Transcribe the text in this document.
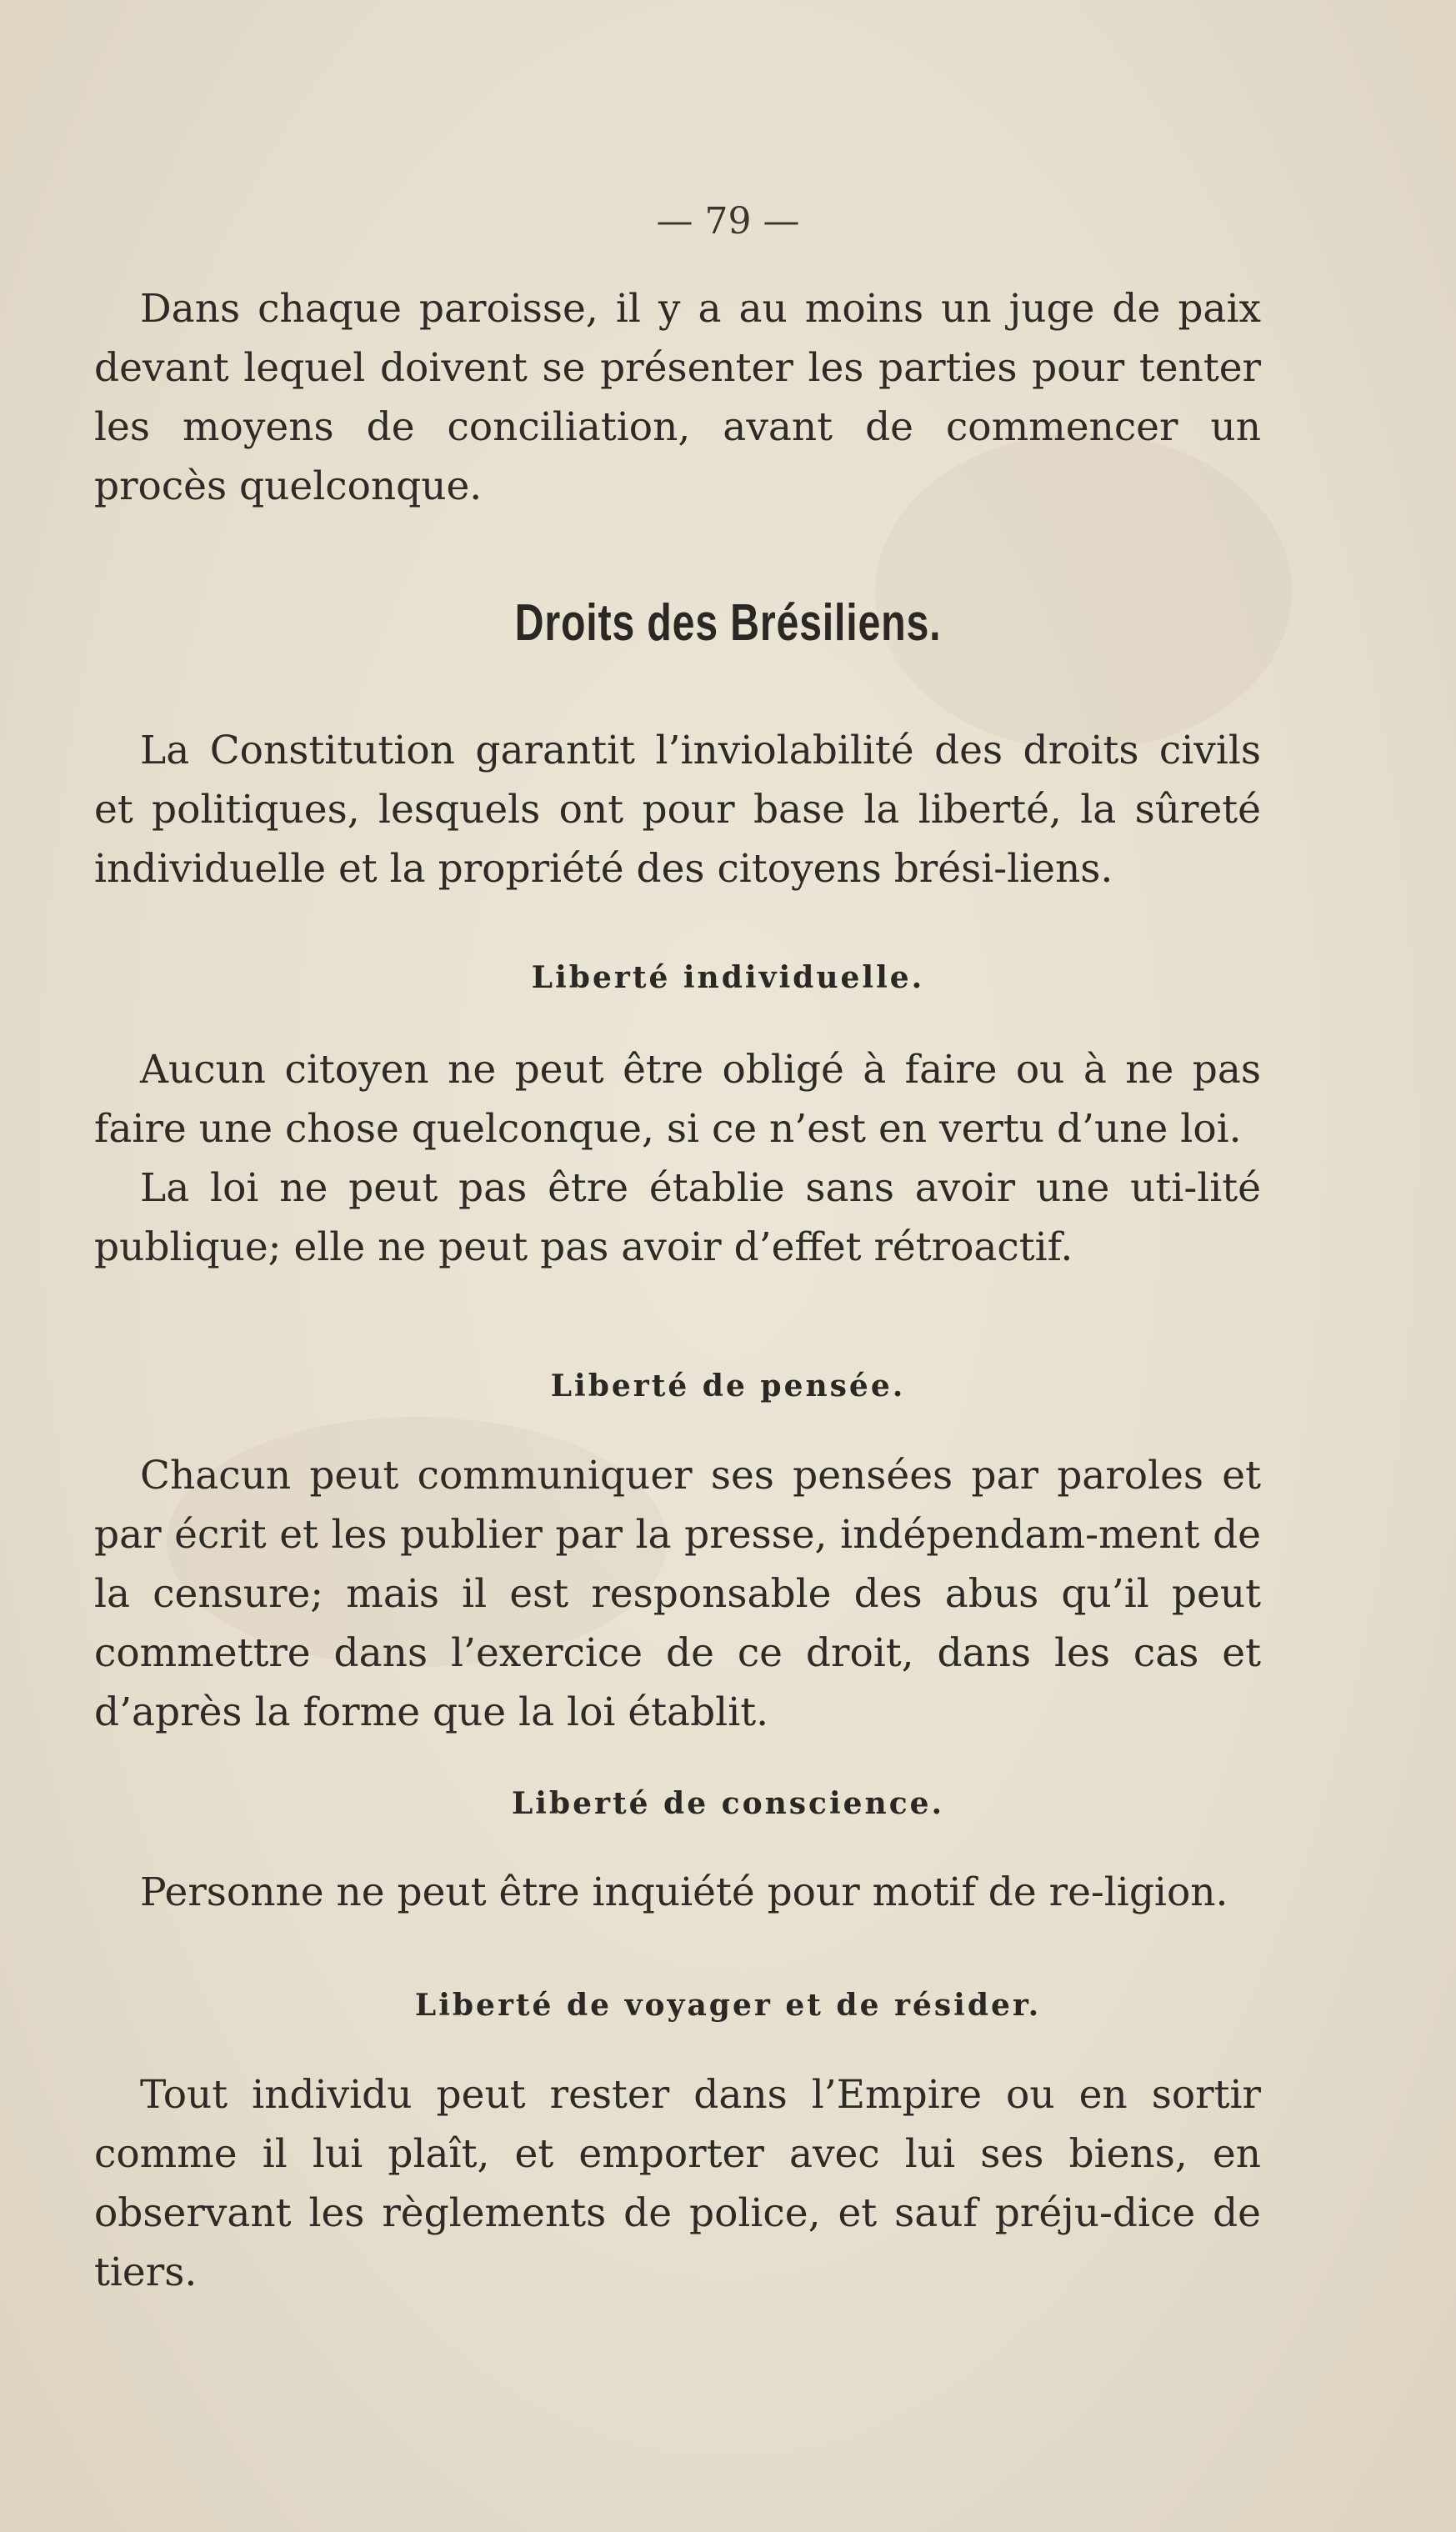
— 79 —

Dans chaque paroisse, il y a au moins un juge de paix devant lequel doivent se présenter les parties pour tenter les moyens de conciliation, avant de commencer un procès quelconque.

Droits des Brésiliens.

La Constitution garantit l’inviolabilité des droits civils et politiques, lesquels ont pour base la liberté, la sûreté individuelle et la propriété des citoyens brési-liens.

Liberté individuelle.

Aucun citoyen ne peut être obligé à faire ou à ne pas faire une chose quelconque, si ce n’est en vertu d’une loi.

La loi ne peut pas être établie sans avoir une uti-lité publique; elle ne peut pas avoir d’effet rétroactif.

Liberté de pensée.

Chacun peut communiquer ses pensées par paroles et par écrit et les publier par la presse, indépendam-ment de la censure; mais il est responsable des abus qu’il peut commettre dans l’exercice de ce droit, dans les cas et d’après la forme que la loi établit.

Liberté de conscience.

Personne ne peut être inquiété pour motif de re-ligion.

Liberté de voyager et de résider.

Tout individu peut rester dans l’Empire ou en sortir comme il lui plaît, et emporter avec lui ses biens, en observant les règlements de police, et sauf préju-dice de tiers.
